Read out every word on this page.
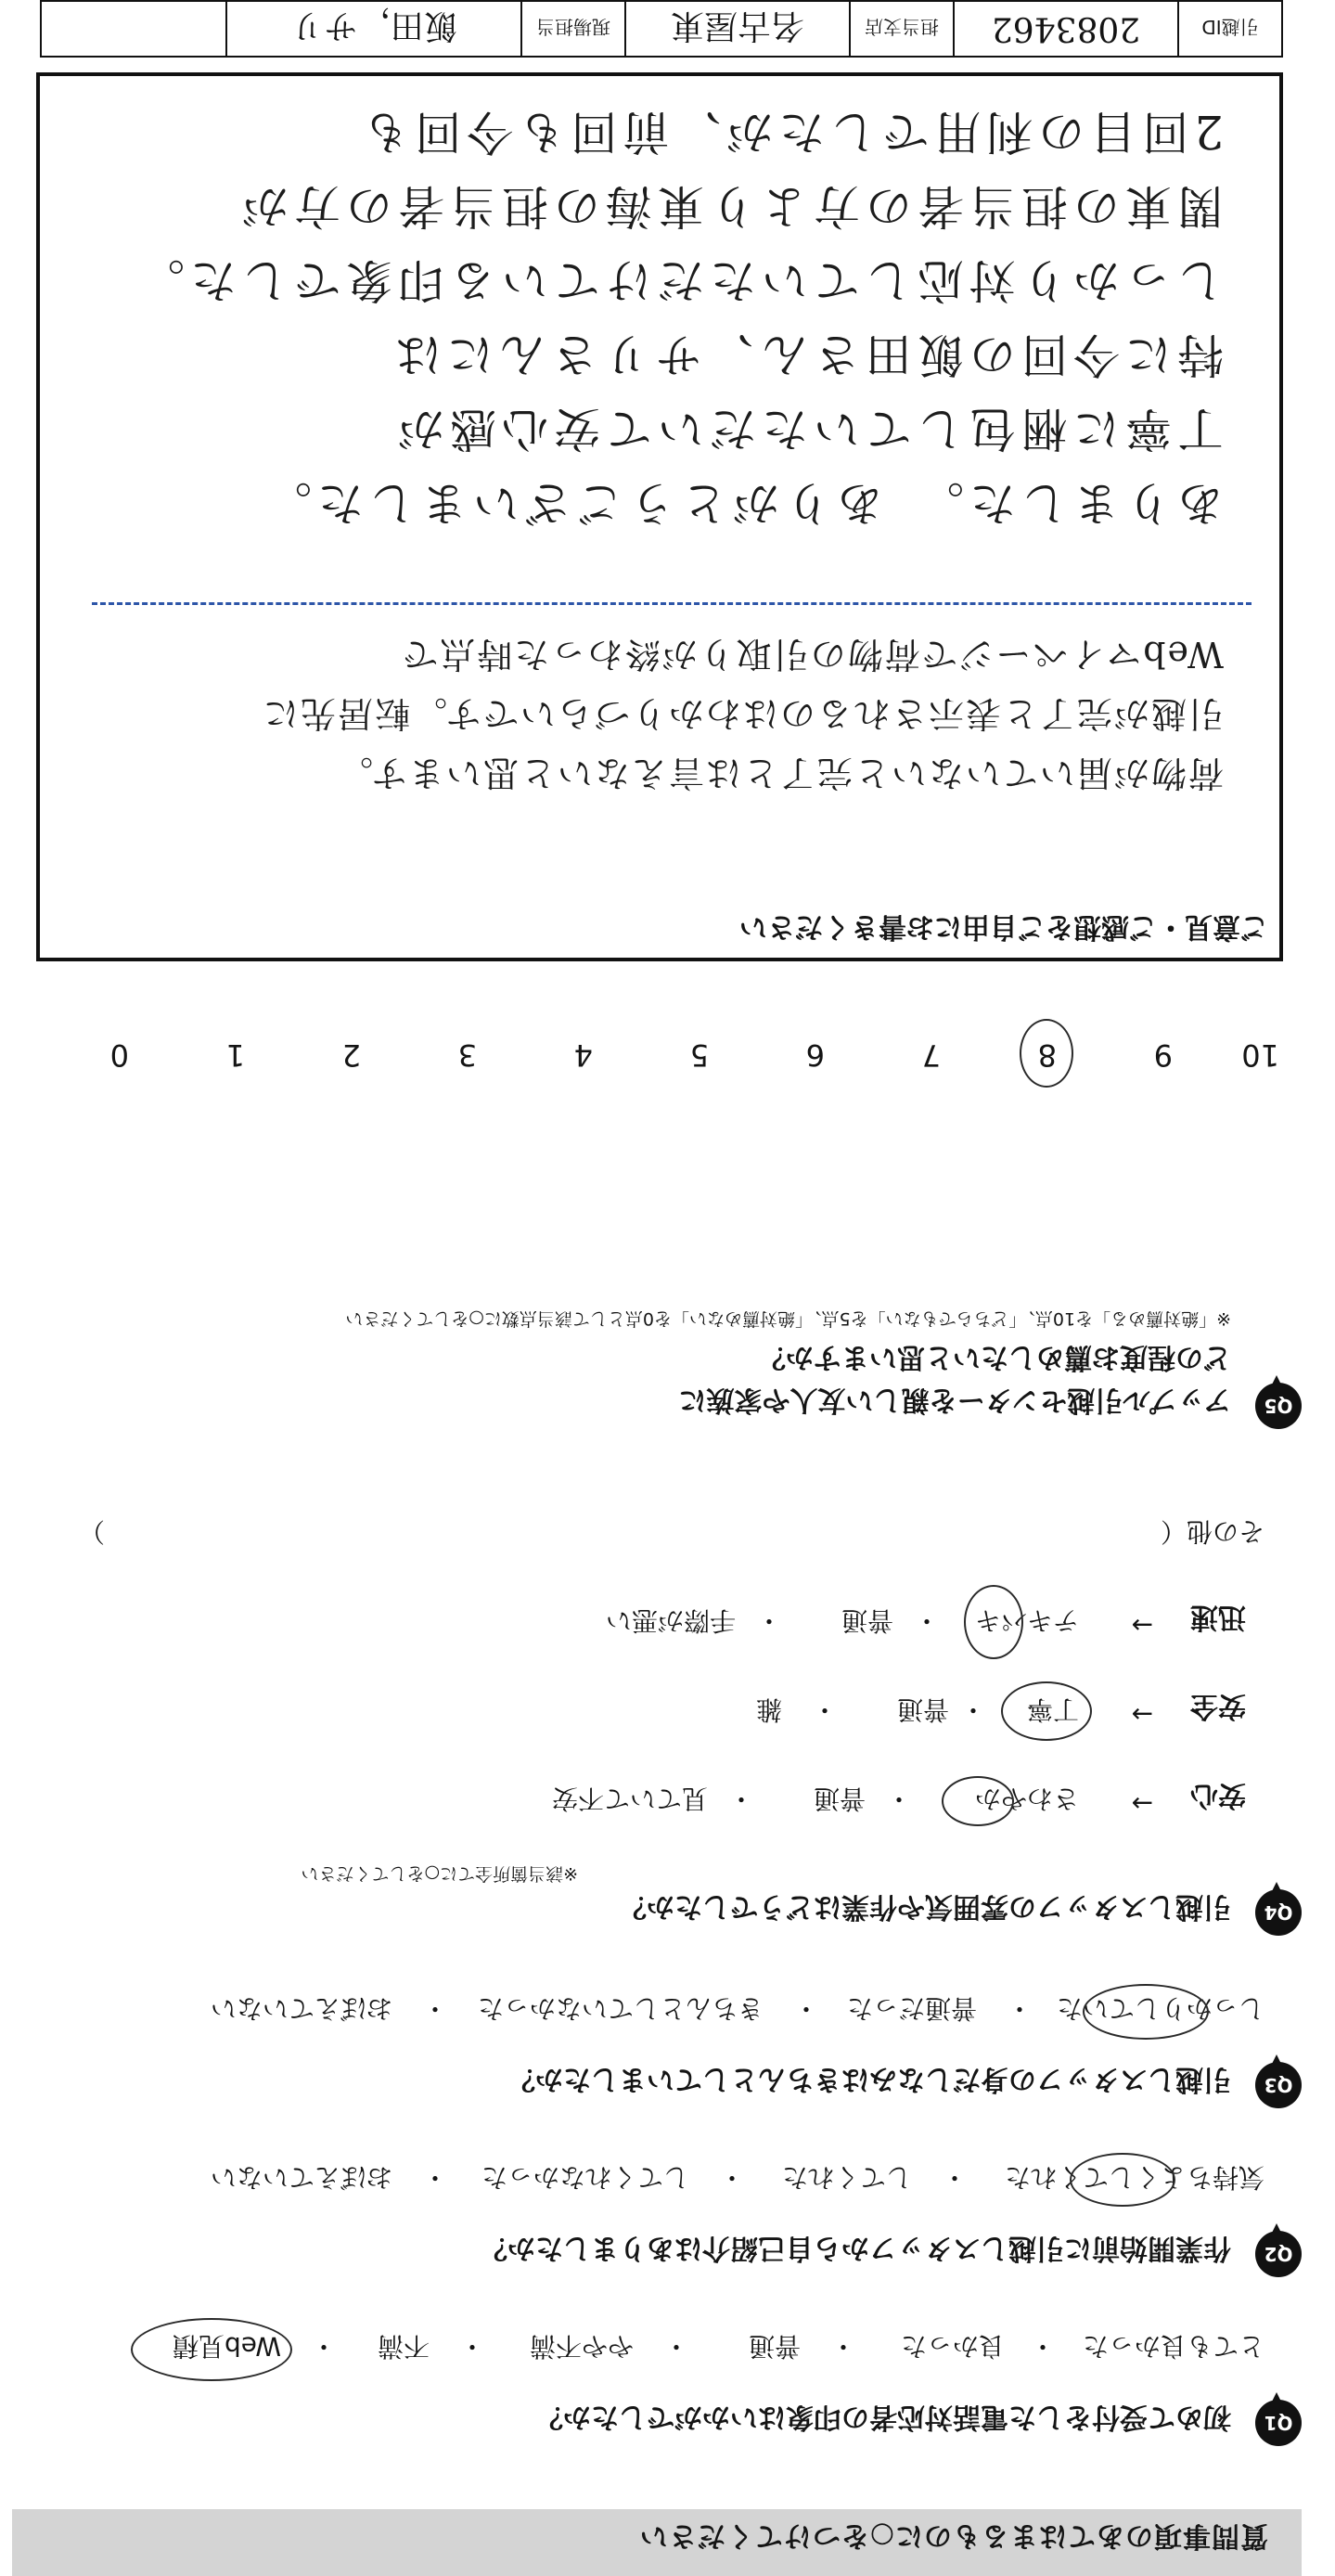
質問事項のあてはまるものに○をつけてください
Q1
初めて受付をした電話対応者の印象はいかがでしたか？
とても良かった
・
良かった
・
普通
・
やや不満
・
不満
・
Web見積
Q2
作業開始前に引越しスタッフから自己紹介はありましたか？
気持ちよくしてくれた
・
してくれた
・
してくれなかった
・
おぼえていない
Q3
引越しスタッフの身だしなみはきちんとしていましたか？
しっかりしていた
・
普通だった
・
きちんとしていなかった
・
おぼえていない
Q4
引越しスタッフの雰囲気や作業はどうでしたか？
※該当箇所全てに○をしてください
安心
→
さわやか
・
普通
・
見ていて不安
安全
→
丁寧
・
普通
・
雑
迅速
→
テキパキ
・
普通
・
手際が悪い
その他（
）
Q5
アップル引越センターを親しい友人や家族に
どの程度お薦めしたいと思いますか？
※「絶対薦める」を10点、「どちらでもない」を5点、「絶対薦めない」を0点として該当点数に○をしてください
10
9
8
7
6
5
4
3
2
1
0
ご意見・ご感想をご自由にお書きください
2回目の利用でしたが、前回も今回も
関東の担当者の方より東海の担当者の方が
しっかり対応していただけている印象でした。
特に今回の飯田さん、サリさんには
丁寧に梱包していただいて安心感が
ありました。　ありがとうございました。
Webマイページで荷物の引取りが終わった時点で
引越が完了と表示されるのはわかりづらいです。転居先に
荷物が届いていないと完了とは言えないと思います。
引越ID
2083462
担当支店
名古屋東
現場担当
飯田，サリ
